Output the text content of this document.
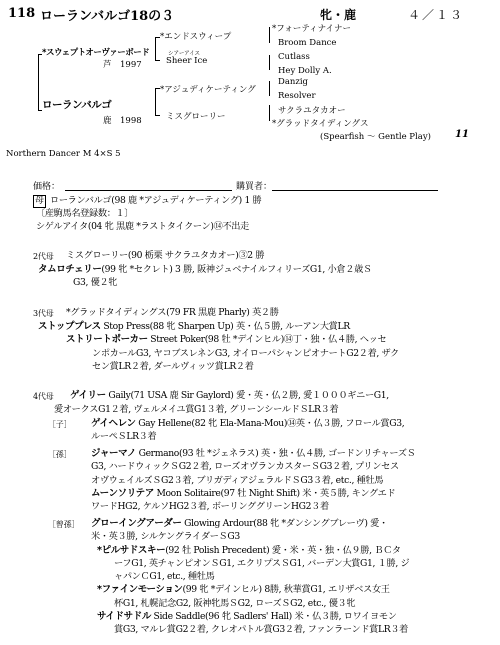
118 ローランバルゴ18の３	牝・鹿	４／１３
*スウェプトオーヴァーボード
芦　1997
*エンドスウィープ
シアーアイス
Sheer Ice
*フォーティナイナー
Broom Dance
Cutlass
Hey Dolly A.
ローランバルゴ
鹿　1998
*アジュディケーティング
ミスグローリー
Danzig
Resolver
サクラユタカオー
*グラッドタイディングス
(Spearfish ～ Gentle Play) 11
Northern Dancer M 4×S 5
価格：	購買者：
母 ローランバルゴ(98 鹿 *アジュディケーティング) 1 勝
〔産駒馬名登録数：１〕
シゲルアイタ(04 牝 黒鹿 *ラストタイクーン)⑭不出走
2代母 ミスグローリー(90 栃栗 サクラユタカオー)③2 勝
タムロチェリー(99 牝 *セクレト) 3 勝, 阪神ジュベナイルフィリーズG1, 小倉２歳Ｓ
G3, 優２牝
3代母 *グラッドタイディングス(79 FR 黒鹿 Pharly) 英２勝
ストッププレス Stop Press(88 牝 Sharpen Up) 英・仏５勝, ルーアン大賞LR
ストリートポーカー Street Poker(98 牡 *デインヒル)⑭丁・独・仏４勝, ヘッセ
ンポカールG3, ヤコブスレネンG3, オイローパシャンピオナートG2２着, ザク
セン賞LR２着, ダールヴィッツ賞LR２着
4代母 ゲイリー Gaily(71 USA 鹿 Sir Gaylord) 愛・英・仏２勝, 愛１０００ギニーG1,
愛オークスG1２着, ヴェルメイユ賞G1３着, グリーンシールドＳLR３着
［子］ ゲイヘレン Gay Hellene(82 牝 Ela-Mana-Mou)⑭英・仏３勝, フロール賞G3,
ルーペＳLR３着
［孫］ ジャーマノ Germano(93 牡 *ジェネラス) 英・独・仏４勝, ゴードンリチャーズＳ
G3, ハードウィックＳG2２着, ローズオヴランカスターＳG3２着, プリンセス
オヴウェイルズＳG2３着, ブリガディアジェラルドＳG3３着, etc., 種牡馬
ムーンソリテア Moon Solitaire(97 牡 Night Shift) 米・英５勝, キングエド
ワードHG2, ケルソHG2３着, ボーリンググリーンHG2３着
［曾孫］ グローイングアーダー Glowing Ardour(88 牝 *ダンシングブレーヴ) 愛・
米・英３勝, シルケングライダーＳG3
*ピルサドスキー(92 牡 Polish Precedent) 愛・米・英・独・仏９勝, ＢＣタ
ーフG1, 英チャンピオンＳG1, エクリプスＳG1, バーデン大賞G1, １勝, ジ
ャパンＣG1, etc., 種牡馬
*ファインモーション(99 牝 *デインヒル) 8勝, 秋華賞G1, エリザベス女王
杯G1, 札幌記念G2, 阪神牝馬ＳG2, ローズＳG2, etc., 優３牝
サイドサドル Side Saddle(96 牝 Sadlers' Hall) 米・仏３勝, ロワイヨモン
賞G3, マルレ賞G2２着, クレオパトル賞G3２着, ファンラーンド賞LR３着
